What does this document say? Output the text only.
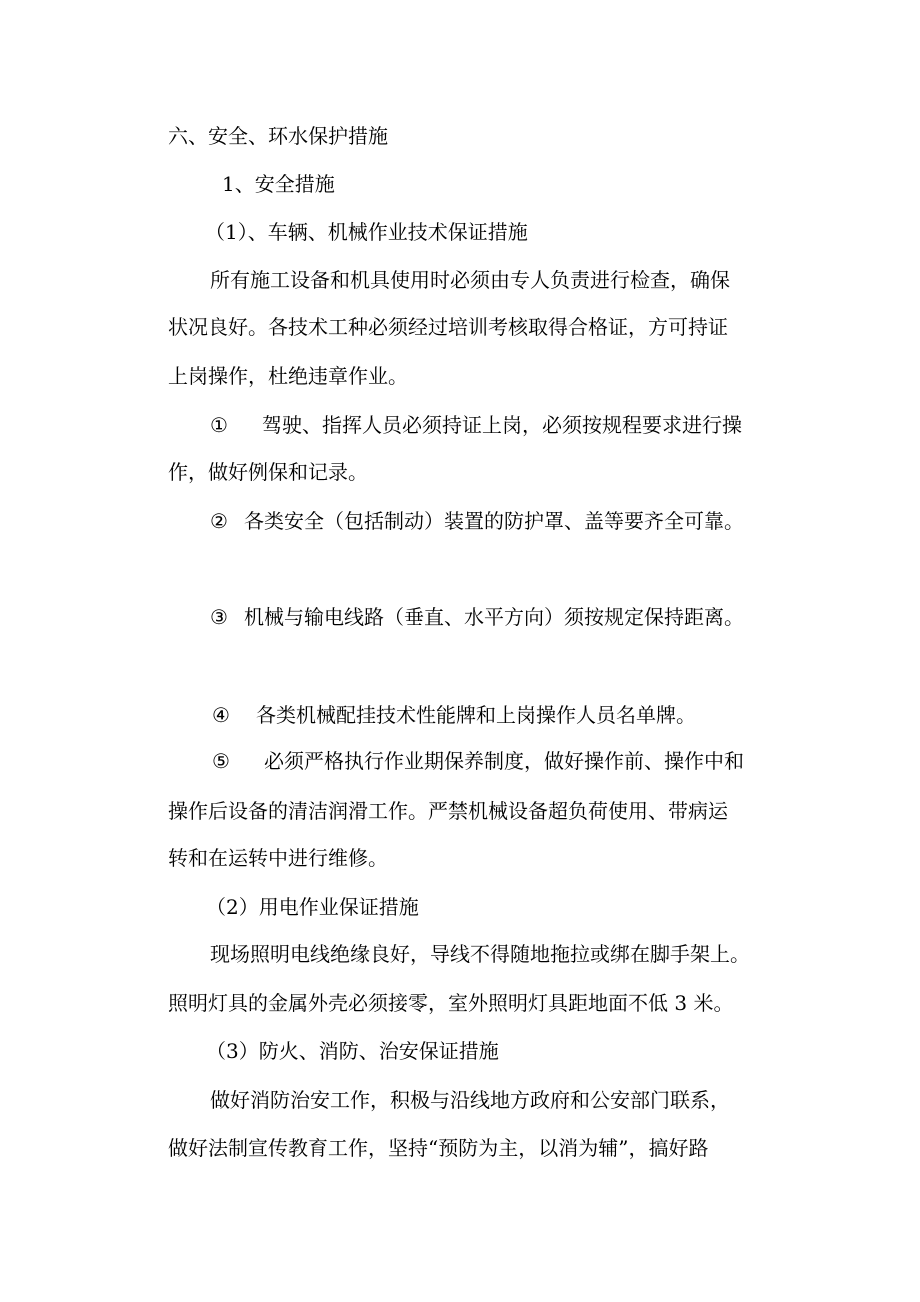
六、安全、环水保护措施
1、安全措施
（1）、车辆、机械作业技术保证措施
所有施工设备和机具使用时必须由专人负责进行检查，确保
状况良好。各技术工种必须经过培训考核取得合格证，方可持证
上岗操作，杜绝违章作业。
①	驾驶、指挥人员必须持证上岗，必须按规程要求进行操
作，做好例保和记录。
② 各类安全（包括制动）装置的防护罩、盖等要齐全可靠。
③ 机械与输电线路（垂直、水平方向）须按规定保持距离。
④	各类机械配挂技术性能牌和上岗操作人员名单牌。
⑤	必须严格执行作业期保养制度，做好操作前、操作中和
操作后设备的清洁润滑工作。严禁机械设备超负荷使用、带病运
转和在运转中进行维修。
（2）用电作业保证措施
现场照明电线绝缘良好，导线不得随地拖拉或绑在脚手架上。
照明灯具的金属外壳必须接零，室外照明灯具距地面不低 3 米。
（3）防火、消防、治安保证措施
做好消防治安工作，积极与沿线地方政府和公安部门联系，
做好法制宣传教育工作，坚持“预防为主，以消为辅”，搞好路
